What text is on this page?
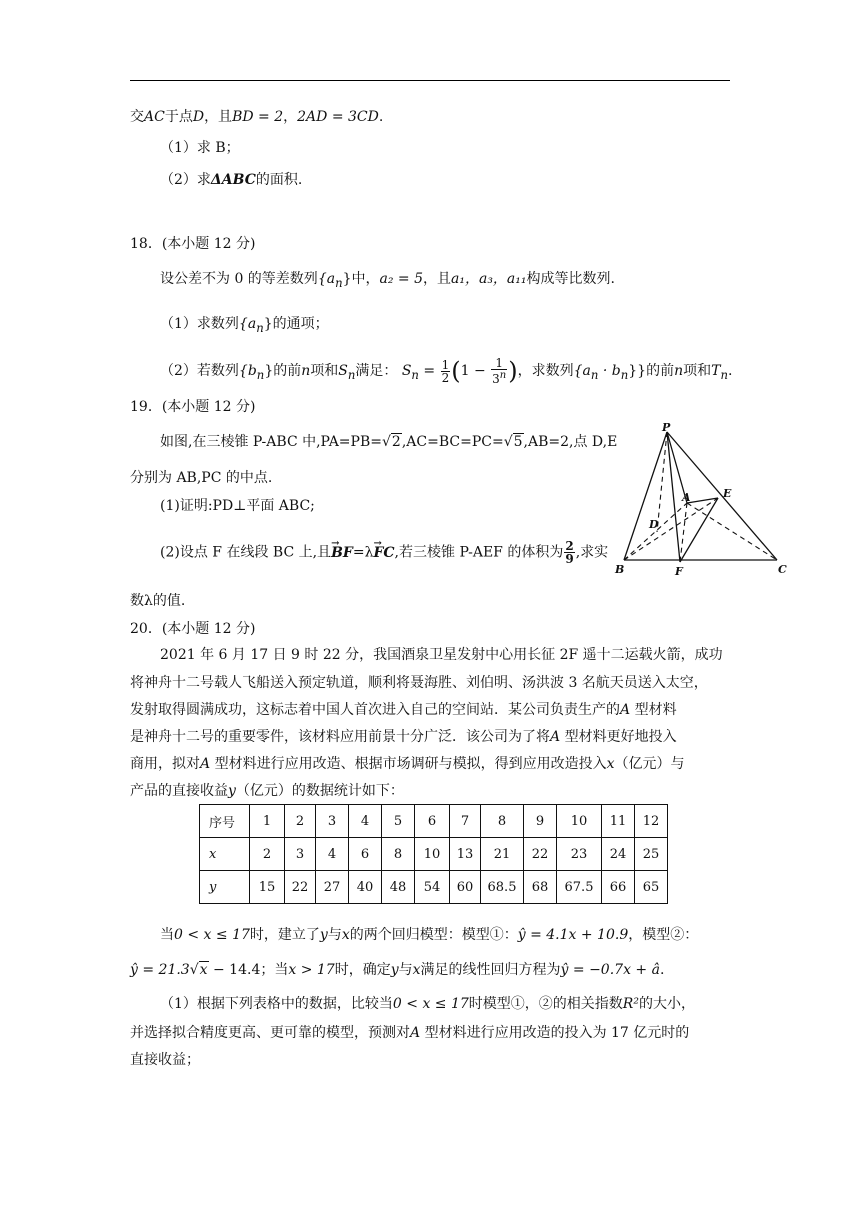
交AC于点D，且BD = 2，2AD = 3CD.
（1）求 B；
（2）求ΔABC的面积.
18．(本小题 12 分)
设公差不为 0 的等差数列$\{a_n\}$中，a₂ = 5，且a₁，a₃，a₁₁构成等比数列.
（1）求数列$\{a_n\}$的通项；
（2）若数列$\{b_n\}$的前n项和$S_n$满足： $S_n = \frac{1}{2} (1 - \frac{1}{3^n}$ )，求数列$\{a_n \cdot b_n\}$}的前n项和$T_n$.
19．(本小题 12 分)
如图,在三棱锥 P-ABC 中,PA=PB=√2,AC=BC=PC=√5,AB=2,点 D,E
分别为 AB,PC 的中点.
(1)证明:PD⊥平面 ABC;
(2)设点 F 在线段 BC 上,且→ BF=λ→ FC,若三棱锥 P-AEF 的体积为 $\frac{2}{9}$ ,求实
数λ的值.
P
A	E
D
B	F	C
20．(本小题 12 分)
2021 年 6 月 17 日 9 时 22 分，我国酒泉卫星发射中心用长征 2F 遥十二运载火箭，成功
将神舟十二号载人飞船送入预定轨道，顺利将聂海胜、刘伯明、汤洪波 3 名航天员送入太空，
发射取得圆满成功，这标志着中国人首次进入自己的空间站．某公司负责生产的A 型材料
是神舟十二号的重要零件，该材料应用前景十分广泛．该公司为了将A 型材料更好地投入
商用，拟对A 型材料进行应用改造、根据市场调研与模拟，得到应用改造投入x（亿元）与
产品的直接收益y（亿元）的数据统计如下：
序号	1	2	3	4	5	6	7	8	9	10	11	12
x	2	3	4	6	8	10	13	21	22	23	24	25
y	15	22	27	40	48	54	60	68.5	68	67.5	66	65
当0 < x ≤ 17时，建立了y与x的两个回归模型：模型①：ŷ = 4.1x + 10.9，模型②：
ŷ = 21.3√x − 14.4；当x > 17时，确定y与x满足的线性回归方程为ŷ = −0.7x + â.
（1）根据下列表格中的数据，比较当0 < x ≤ 17时模型①，②的相关指数R²的大小，
并选择拟合精度更高、更可靠的模型，预测对A 型材料进行应用改造的投入为 17 亿元时的
直接收益；
